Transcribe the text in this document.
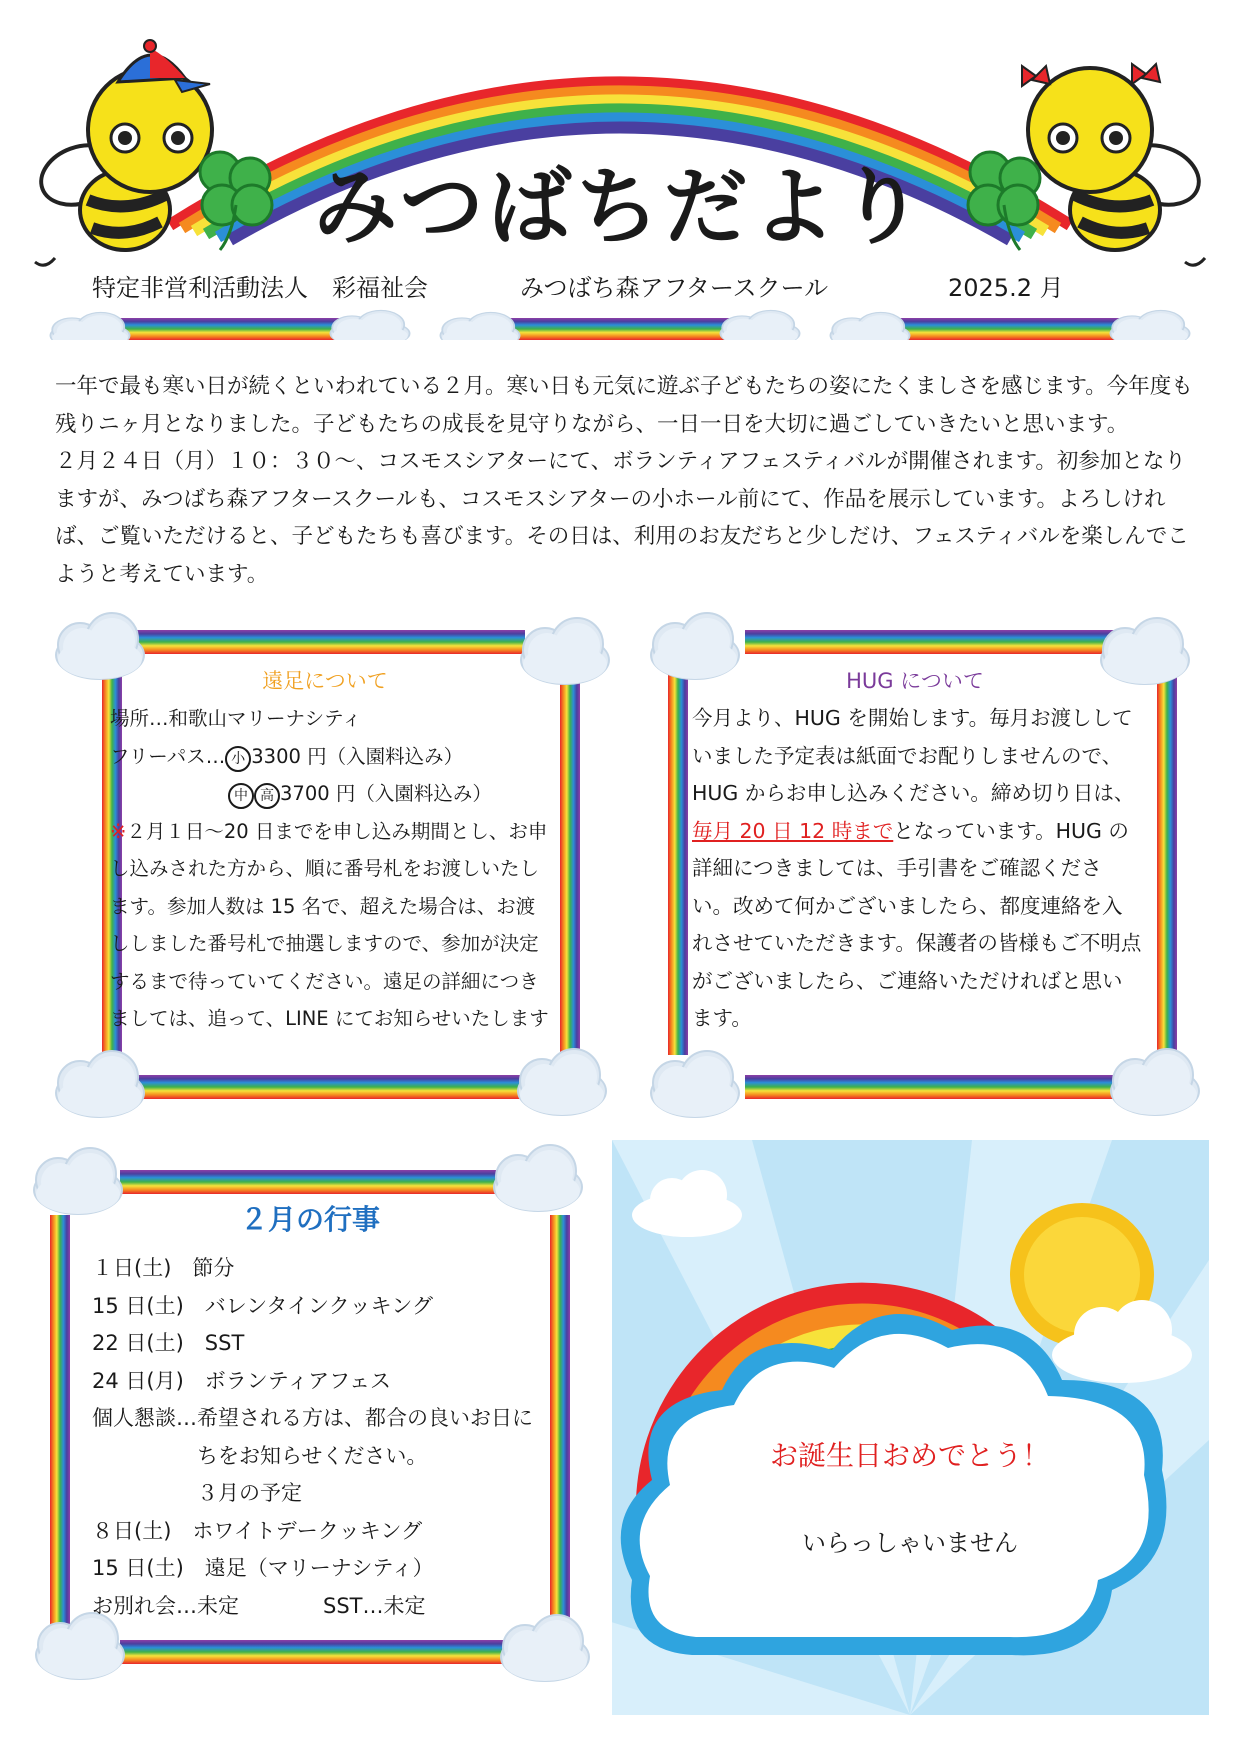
みつばちだより
特定非営利活動法人　彩福祉会	みつばち森アフタースクール	2025.2 月

一年で最も寒い日が続くといわれている２月。寒い日も元気に遊ぶ子どもたちの姿にたくましさを感じます。今年度も残りニヶ月となりました。子どもたちの成長を見守りながら、一日一日を大切に過ごしていきたいと思います。

２月２４日（月）１０：３０～、コスモスシアターにて、ボランティアフェスティバルが開催されます。初参加となりますが、みつばち森アフタースクールも、コスモスシアターの小ホール前にて、作品を展示しています。よろしければ、ご覧いただけると、子どもたちも喜びます。その日は、利用のお友だちと少しだけ、フェスティバルを楽しんでこようと考えています。

遠足について

場所…和歌山マリーナシティ

フリーパス… 小 3300 円（入園料込み）

中 高 3700 円（入園料込み）

※２月１日～20 日までを申し込み期間とし、お申し込みされた方から、順に番号札をお渡しいたします。参加人数は 15 名で、超えた場合は、お渡ししました番号札で抽選しますので、参加が決定するまで待っていてください。遠足の詳細につきましては、追って、LINE にてお知らせいたします

HUG について

今月より、HUG を開始します。毎月お渡ししていました予定表は紙面でお配りしませんので、HUG からお申し込みください。締め切り日は、毎月 20 日 12 時までとなっています。HUG の詳細につきましては、手引書をご確認ください。改めて何かございましたら、都度連絡を入れさせていただきます。保護者の皆様もご不明点がございましたら、ご連絡いただければと思います。

２月の行事
１日(土)　節分
15 日(土)　バレンタインクッキング
22 日(土)　SST
24 日(月)　ボランティアフェス
個人懇談…希望される方は、都合の良いお日に
　　　　　ちをお知らせください。
　　　　　３月の予定
８日(土)　ホワイトデークッキング
15 日(土)　遠足（マリーナシティ）
お別れ会…未定　　　　SST…未定
お誕生日おめでとう！
いらっしゃいません
